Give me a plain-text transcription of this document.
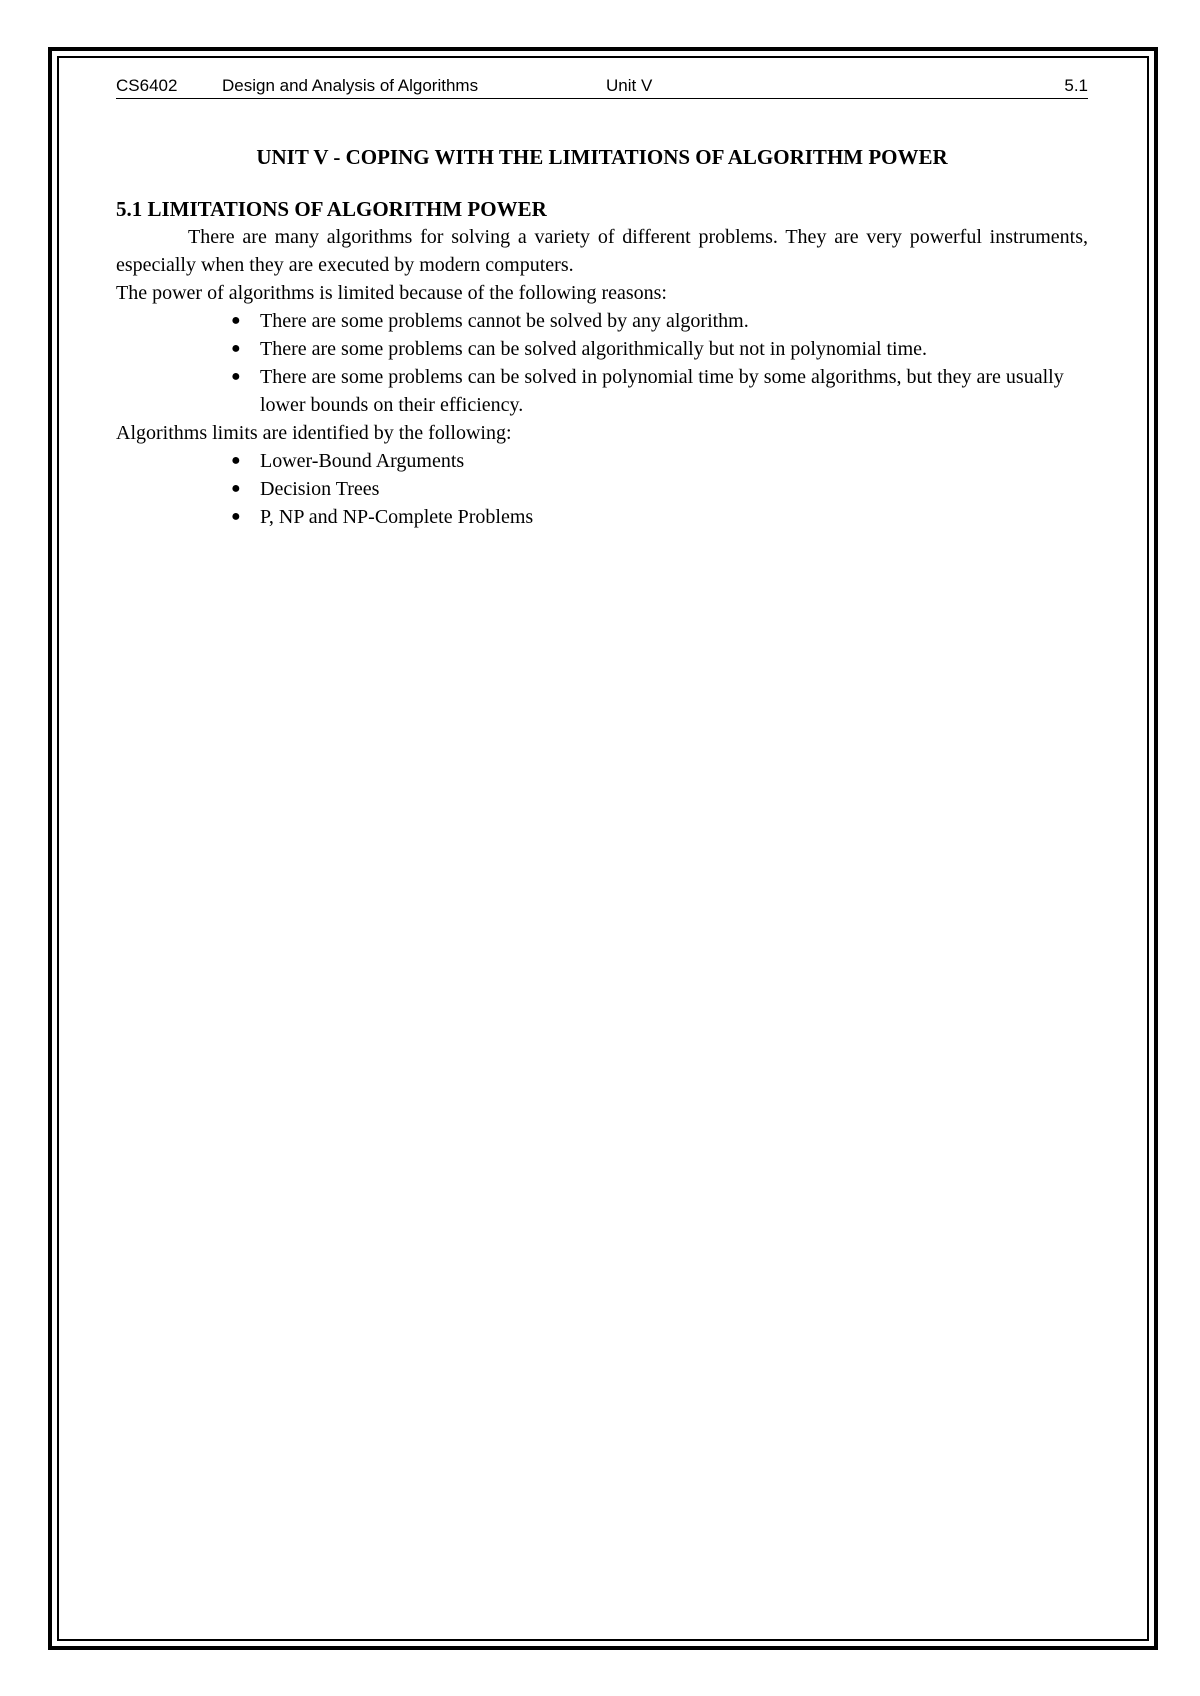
CS6402	Design and Analysis of Algorithms	Unit V	5.1
UNIT V - COPING WITH THE LIMITATIONS OF ALGORITHM POWER
5.1 LIMITATIONS OF ALGORITHM POWER

There are many algorithms for solving a variety of different problems. They are very powerful instruments, especially when they are executed by modern computers.

The power of algorithms is limited because of the following reasons:

● There are some problems cannot be solved by any algorithm.
● There are some problems can be solved algorithmically but not in polynomial time.
● There are some problems can be solved in polynomial time by some algorithms, but they are usually lower bounds on their efficiency.

Algorithms limits are identified by the following:

● Lower-Bound Arguments
● Decision Trees
● P, NP and NP-Complete Problems
